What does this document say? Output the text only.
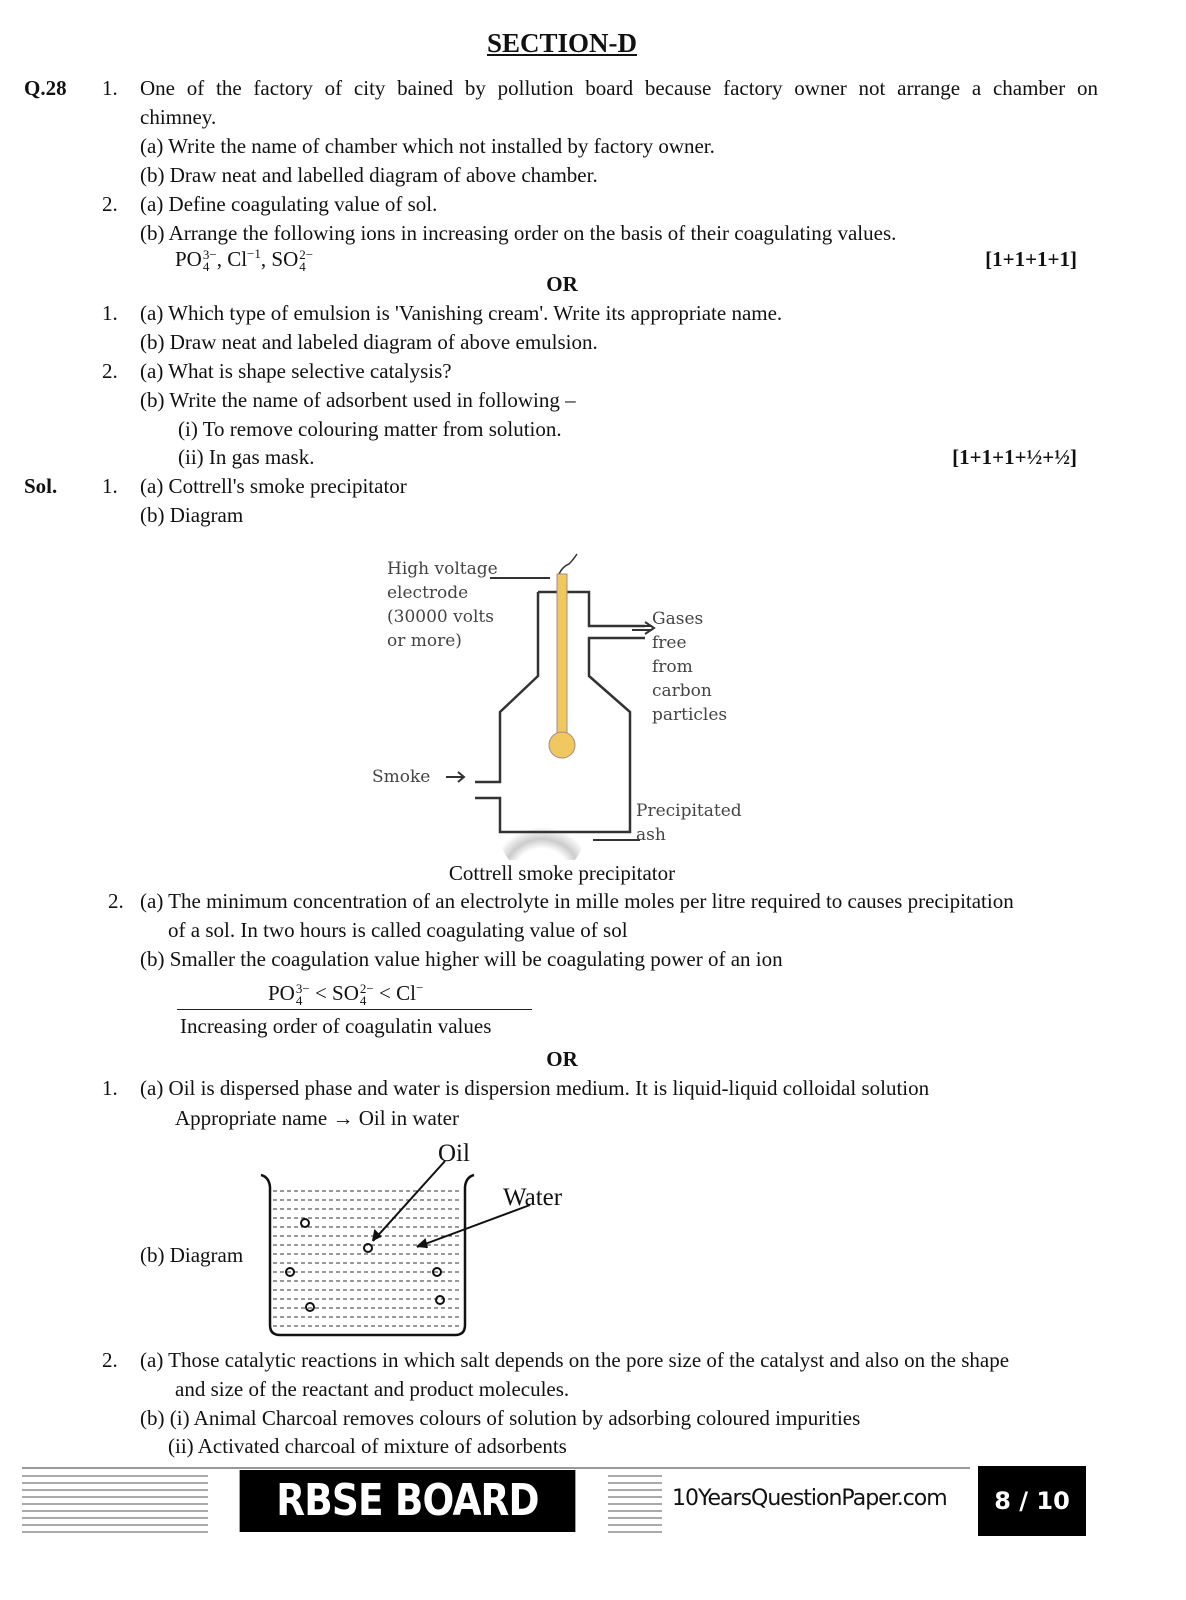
SECTION-D
Q.28 1. One of the factory of city bained by pollution board because factory owner not arrange a chamber on
chimney.
(a) Write the name of chamber which not installed by factory owner.
(b) Draw neat and labelled diagram of above chamber.
2. (a) Define coagulating value of sol.
(b) Arrange the following ions in increasing order on the basis of their coagulating values.
PO 3−
4 , $Cl^{-1}$, SO 2−
4	[1+1+1+1]
OR
1. (a) Which type of emulsion is 'Vanishing cream'. Write its appropriate name.
(b) Draw neat and labeled diagram of above emulsion.
2. (a) What is shape selective catalysis?
(b) Write the name of adsorbent used in following –
(i) To remove colouring matter from solution.
(ii) In gas mask.	[1+1+1+½+½]
Sol. 1. (a) Cottrell's smoke precipitator
(b) Diagram
High voltage
electrode
(30000 volts
or more)
Gases
free
from
carbon
particles
Smoke
Precipitated
ash
Cottrell smoke precipitator
2. (a) The minimum concentration of an electrolyte in mille moles per litre required to causes precipitation
of a sol. In two hours is called coagulating value of sol
(b) Smaller the coagulation value higher will be coagulating power of an ion
PO 3−
4 < SO 2−
4 < Cl−
Increasing order of coagulatin values
OR
1. (a) Oil is dispersed phase and water is dispersion medium. It is liquid-liquid colloidal solution
Appropriate name → Oil in water
(b) Diagram
Oil
Water
2. (a) Those catalytic reactions in which salt depends on the pore size of the catalyst and also on the shape
and size of the reactant and product molecules.
(b) (i) Animal Charcoal removes colours of solution by adsorbing coloured impurities
(ii) Activated charcoal of mixture of adsorbents
RBSE BOARD	10YearsQuestionPaper.com	8 / 10
